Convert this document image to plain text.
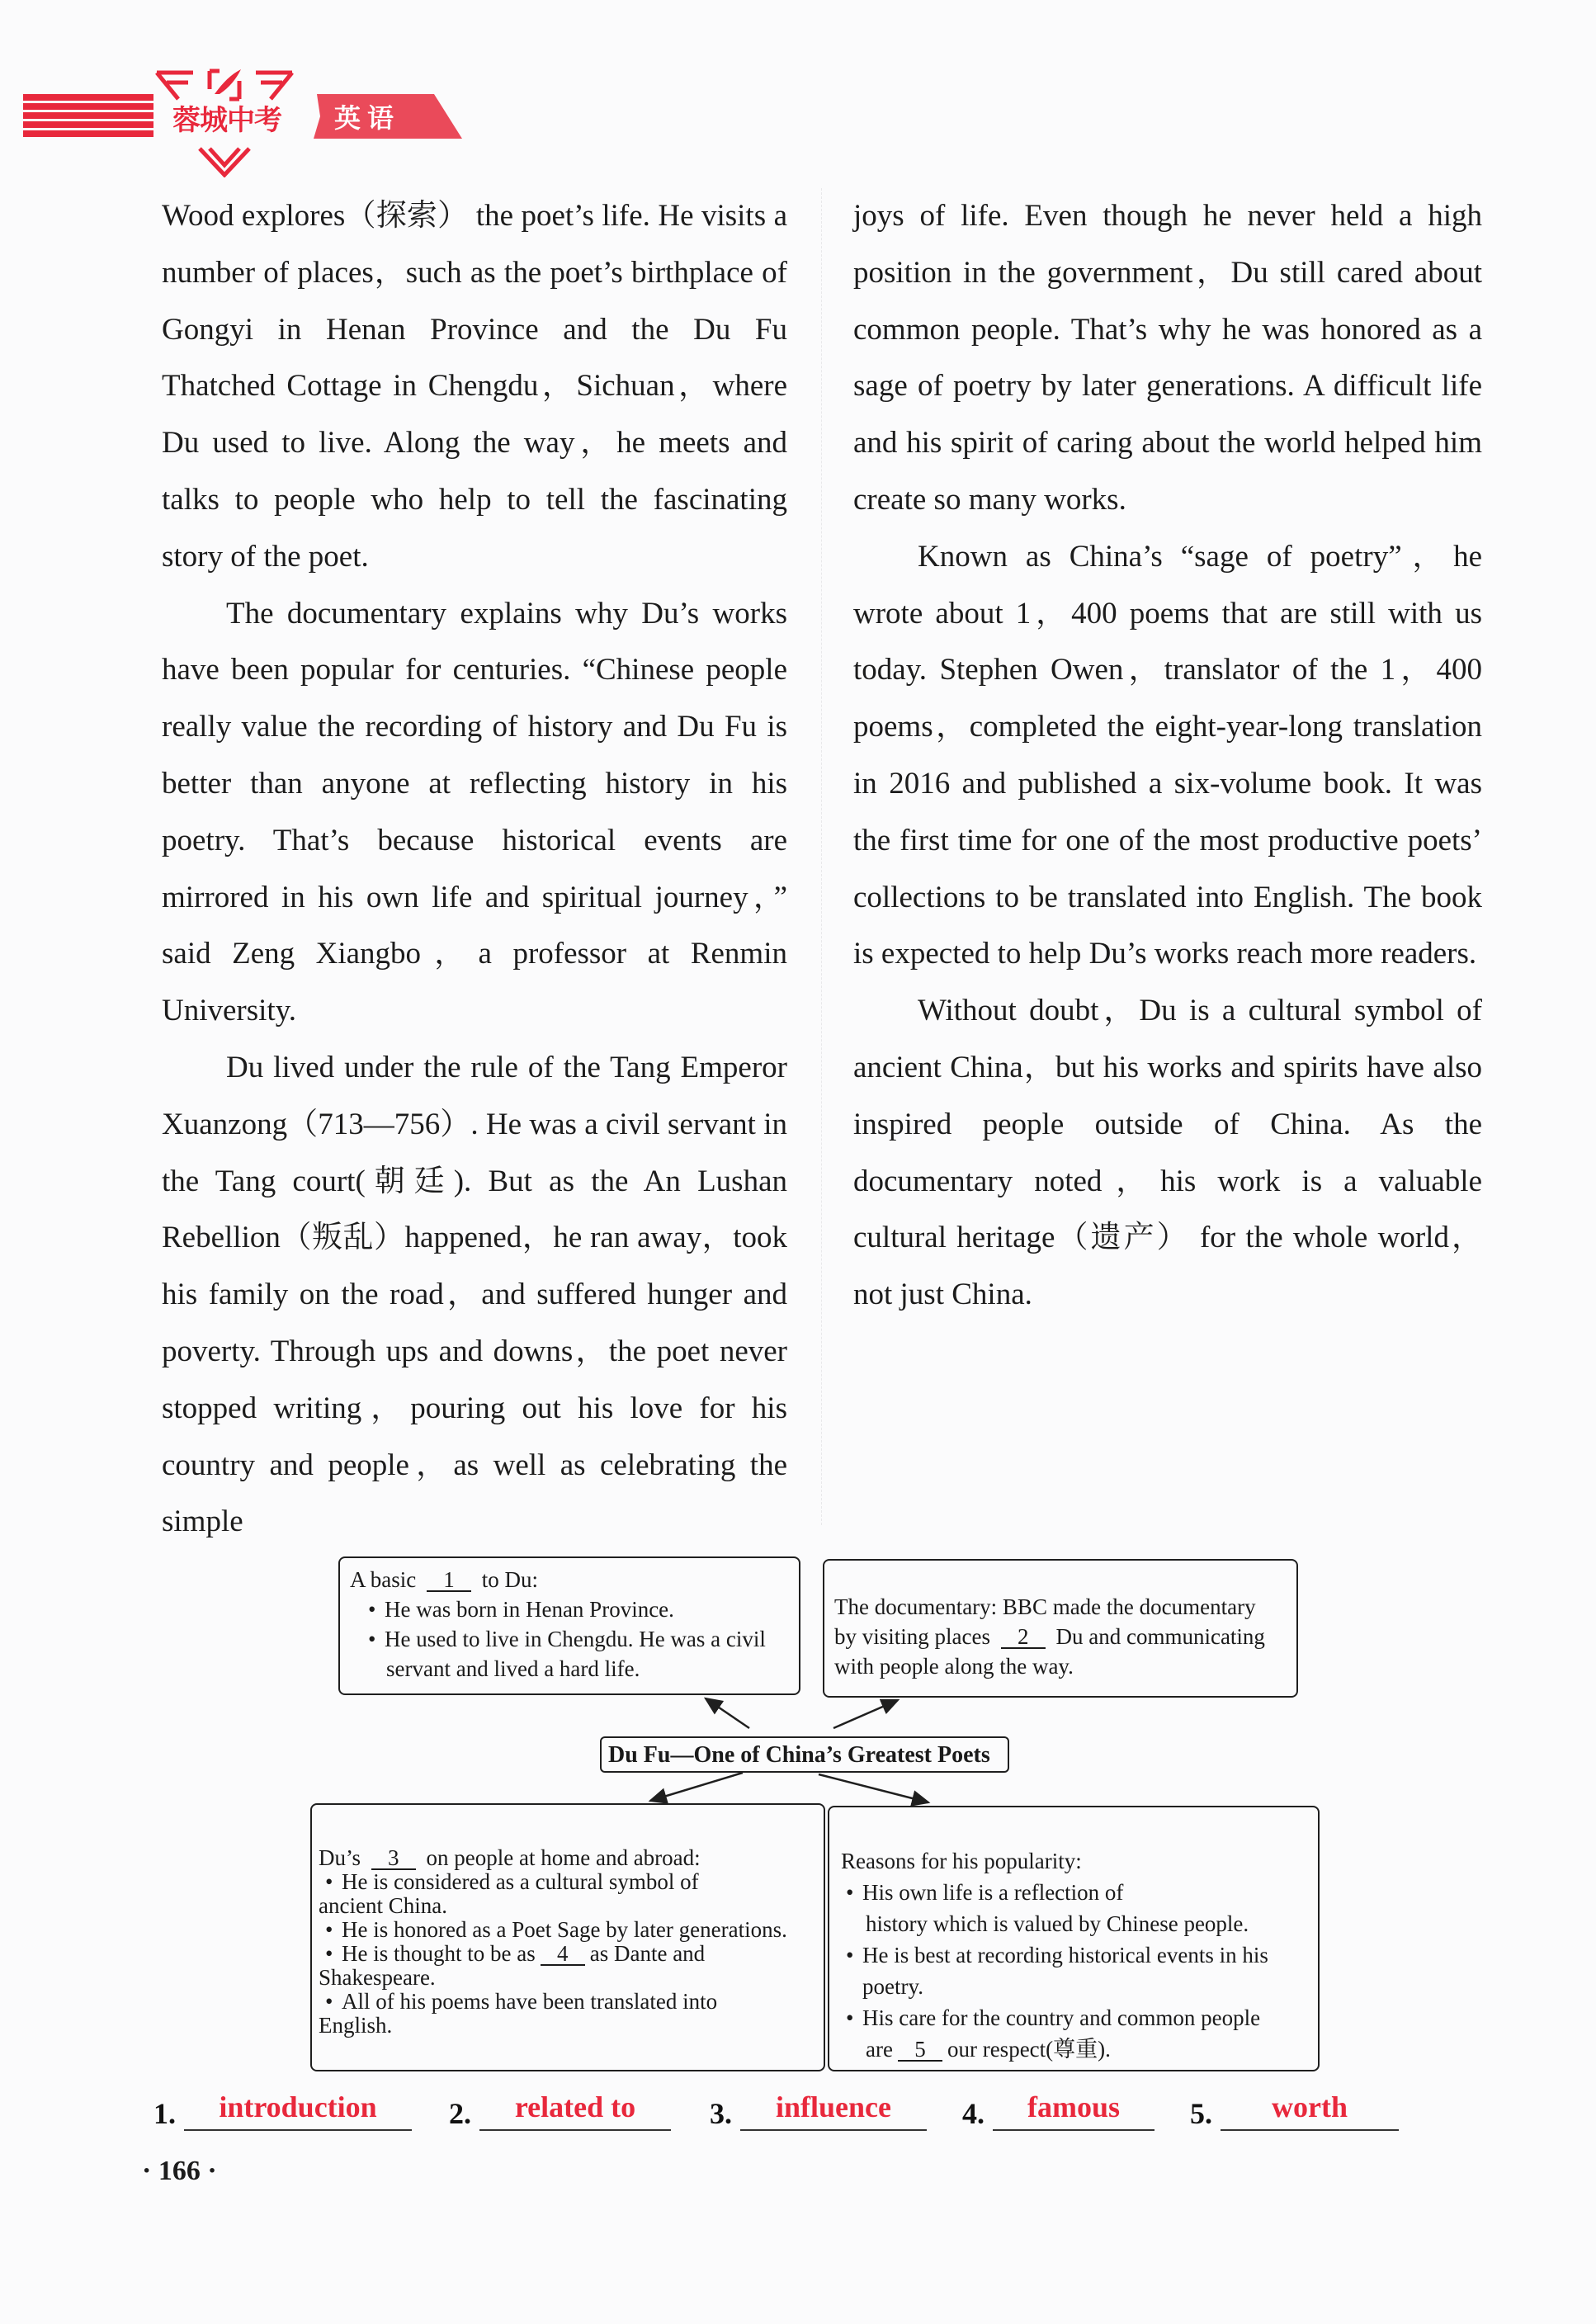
蓉城中考	英语

Wood explores（探索） the poet’s life. He visits a number of places，such as the poet’s birthplace of Gongyi in Henan Province and the Du Fu Thatched Cottage in Chengdu，Sichuan，where Du used to live. Along the way，he meets and talks to people who help to tell the fascinating story of the poet.

The documentary explains why Du’s works have been popular for centuries. “Chinese people really value the recording of history and Du Fu is better than anyone at reflecting history in his poetry. That’s because historical events are mirrored in his own life and spiritual journey，” said Zeng Xiangbo，a professor at Renmin University.

Du lived under the rule of the Tang Emperor Xuanzong（713—756）. He was a civil servant in the Tang court(朝廷). But as the An Lushan Rebellion（叛乱）happened，he ran away，took his family on the road，and suffered hunger and poverty. Through ups and downs，the poet never stopped writing，pouring out his love for his country and people，as well as celebrating the simple

joys of life. Even though he never held a high position in the government，Du still cared about common people. That’s why he was honored as a sage of poetry by later generations. A difficult life and his spirit of caring about the world helped him create so many works.

Known as China’s “sage of poetry”，he wrote about 1，400 poems that are still with us today. Stephen Owen，translator of the 1，400 poems，completed the eight-year-long translation in 2016 and published a six-volume book. It was the first time for one of the most productive poets’ collections to be translated into English. The book is expected to help Du’s works reach more readers.

Without doubt，Du is a cultural symbol of ancient China，but his works and spirits have also inspired people outside of China. As the documentary noted，his work is a valuable cultural heritage（遗产） for the whole world，not just China.

A basic 1 to Du:
• He was born in Henan Province.
• He used to live in Chengdu. He was a civil
servant and lived a hard life.
The documentary: BBC made the documentary
by visiting places 2 Du and communicating
with people along the way.
Du Fu—One of China’s Greatest Poets
Du’s 3 on people at home and abroad:
• He is considered as a cultural symbol of
ancient China.
• He is honored as a Poet Sage by later generations.
• He is thought to be as 4 as Dante and
Shakespeare.
• All of his poems have been translated into
English.
Reasons for his popularity:
• His own life is a reflection of
history which is valued by Chinese people.
• He is best at recording historical events in his
poetry.
• His care for the country and common people
are 5 our respect(尊重).
1.	introduction	2.	related to	3.	influence	4.	famous	5.	worth
· 166 ·
